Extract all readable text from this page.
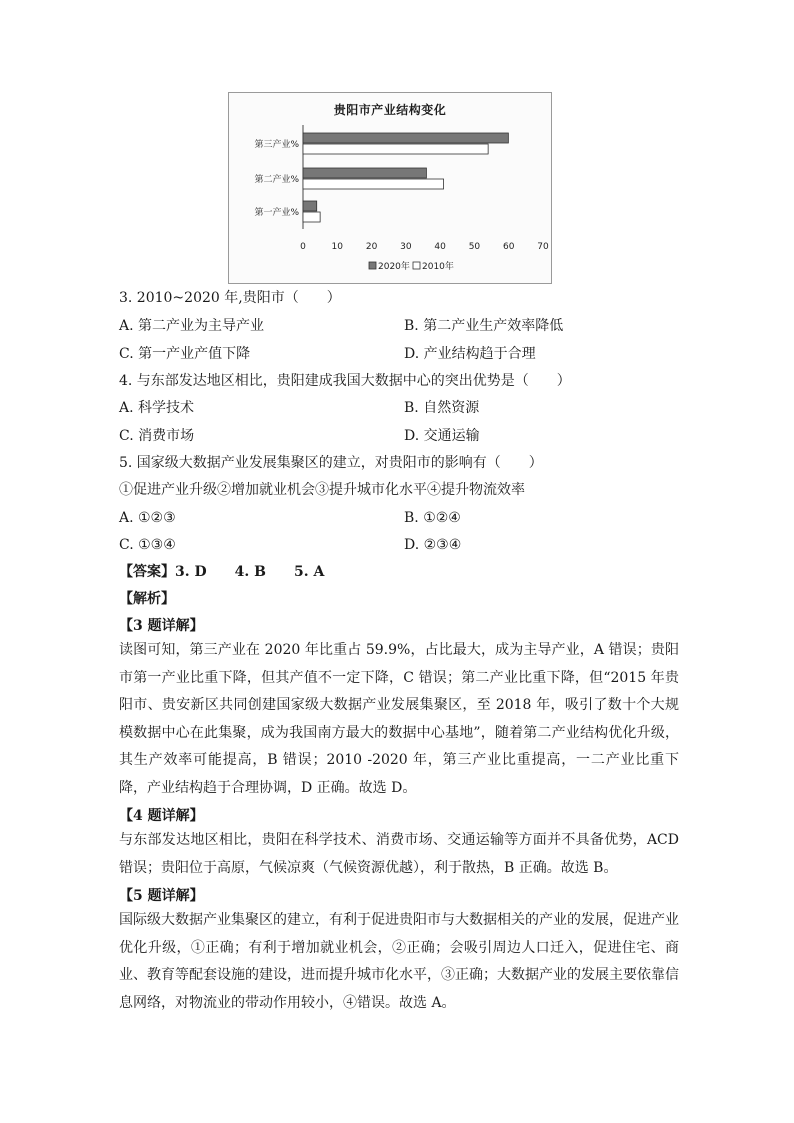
贵阳市产业结构变化
第三产业%
第二产业%
第一产业%
0	10	20	30	40	50	60	70
2020年 2010年
3. 2010~2020 年,贵阳市（　　）
A. 第二产业为主导产业	B. 第二产业生产效率降低
C. 第一产业产值下降	D. 产业结构趋于合理
4. 与东部发达地区相比，贵阳建成我国大数据中心的突出优势是（　　）
A. 科学技术	B. 自然资源
C. 消费市场	D. 交通运输
5. 国家级大数据产业发展集聚区的建立，对贵阳市的影响有（　　）
①促进产业升级②增加就业机会③提升城市化水平④提升物流效率
A. ①②③	B. ①②④
C. ①③④	D. ②③④
【答案】3. D　　4. B　　5. A
【解析】
【3 题详解】
读图可知，第三产业在 2020 年比重占 59.9%，占比最大，成为主导产业，A 错误；贵阳市第一产业比重下降，但其产值不一定下降，C 错误；第二产业比重下降，但“2015 年贵阳市、贵安新区共同创建国家级大数据产业发展集聚区，至 2018 年，吸引了数十个大规模数据中心在此集聚，成为我国南方最大的数据中心基地”，随着第二产业结构优化升级，其生产效率可能提高，B 错误；2010 -2020 年，第三产业比重提高，一二产业比重下降，产业结构趋于合理协调，D 正确。故选 D。
【4 题详解】
与东部发达地区相比，贵阳在科学技术、消费市场、交通运输等方面并不具备优势，ACD 错误；贵阳位于高原，气候凉爽（气候资源优越），利于散热，B 正确。故选 B。
【5 题详解】
国际级大数据产业集聚区的建立，有利于促进贵阳市与大数据相关的产业的发展，促进产业优化升级，①正确；有利于增加就业机会，②正确；会吸引周边人口迁入，促进住宅、商业、教育等配套设施的建设，进而提升城市化水平，③正确；大数据产业的发展主要依靠信息网络，对物流业的带动作用较小，④错误。故选 A。
